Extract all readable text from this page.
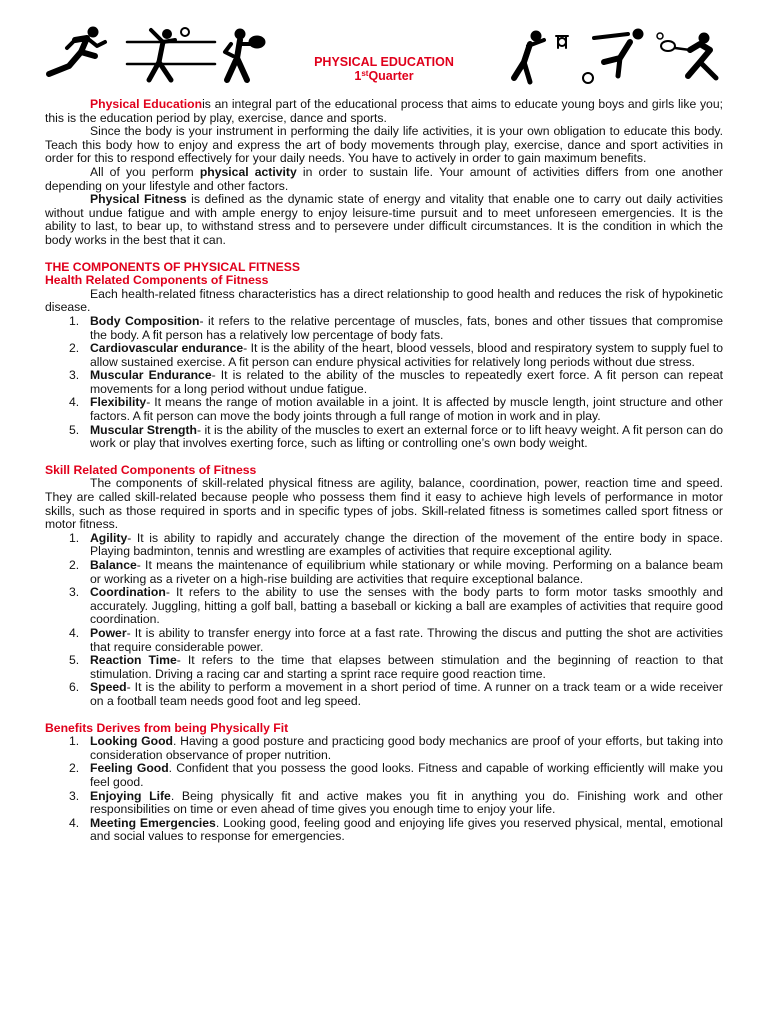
PHYSICAL EDUCATION
1stQuarter

Physical Educationis an integral part of the educational process that aims to educate young boys and girls like you; this is the education period by play, exercise, dance and sports.

Since the body is your instrument in performing the daily life activities, it is your own obligation to educate this body. Teach this body how to enjoy and express the art of body movements through play, exercise, dance and sport activities in order for this to respond effectively for your daily needs. You have to actively in order to gain maximum benefits.

All of you perform physical activity in order to sustain life. Your amount of activities differs from one another depending on your lifestyle and other factors.

Physical Fitness is defined as the dynamic state of energy and vitality that enable one to carry out daily activities without undue fatigue and with ample energy to enjoy leisure-time pursuit and to meet unforeseen emergencies. It is the ability to last, to bear up, to withstand stress and to persevere under difficult circumstances. It is the condition in which the body works in the best that it can.

THE COMPONENTS OF PHYSICAL FITNESS
Health Related Components of Fitness

Each health-related fitness characteristics has a direct relationship to good health and reduces the risk of hypokinetic disease.

1. Body Composition- it refers to the relative percentage of muscles, fats, bones and other tissues that compromise the body. A fit person has a relatively low percentage of body fats.
2. Cardiovascular endurance- It is the ability of the heart, blood vessels, blood and respiratory system to supply fuel to allow sustained exercise. A fit person can endure physical activities for relatively long periods without due stress.
3. Muscular Endurance- It is related to the ability of the muscles to repeatedly exert force. A fit person can repeat movements for a long period without undue fatigue.
4. Flexibility- It means the range of motion available in a joint. It is affected by muscle length, joint structure and other factors. A fit person can move the body joints through a full range of motion in work and in play.
5. Muscular Strength- it is the ability of the muscles to exert an external force or to lift heavy weight. A fit person can do work or play that involves exerting force, such as lifting or controlling one’s own body weight.
Skill Related Components of Fitness

The components of skill-related physical fitness are agility, balance, coordination, power, reaction time and speed. They are called skill-related because people who possess them find it easy to achieve high levels of performance in motor skills, such as those required in sports and in specific types of jobs. Skill-related fitness is sometimes called sport fitness or motor fitness.

1. Agility- It is ability to rapidly and accurately change the direction of the movement of the entire body in space. Playing badminton, tennis and wrestling are examples of activities that require exceptional agility.
2. Balance- It means the maintenance of equilibrium while stationary or while moving. Performing on a balance beam or working as a riveter on a high-rise building are activities that require exceptional balance.
3. Coordination- It refers to the ability to use the senses with the body parts to form motor tasks smoothly and accurately. Juggling, hitting a golf ball, batting a baseball or kicking a ball are examples of activities that require good coordination.
4. Power- It is ability to transfer energy into force at a fast rate. Throwing the discus and putting the shot are activities that require considerable power.
5. Reaction Time- It refers to the time that elapses between stimulation and the beginning of reaction to that stimulation. Driving a racing car and starting a sprint race require good reaction time.
6. Speed- It is the ability to perform a movement in a short period of time. A runner on a track team or a wide receiver on a football team needs good foot and leg speed.
Benefits Derives from being Physically Fit
1. Looking Good. Having a good posture and practicing good body mechanics are proof of your efforts, but taking into consideration observance of proper nutrition.
2. Feeling Good. Confident that you possess the good looks. Fitness and capable of working efficiently will make you feel good.
3. Enjoying Life. Being physically fit and active makes you fit in anything you do. Finishing work and other responsibilities on time or even ahead of time gives you enough time to enjoy your life.
4. Meeting Emergencies. Looking good, feeling good and enjoying life gives you reserved physical, mental, emotional and social values to response for emergencies.
